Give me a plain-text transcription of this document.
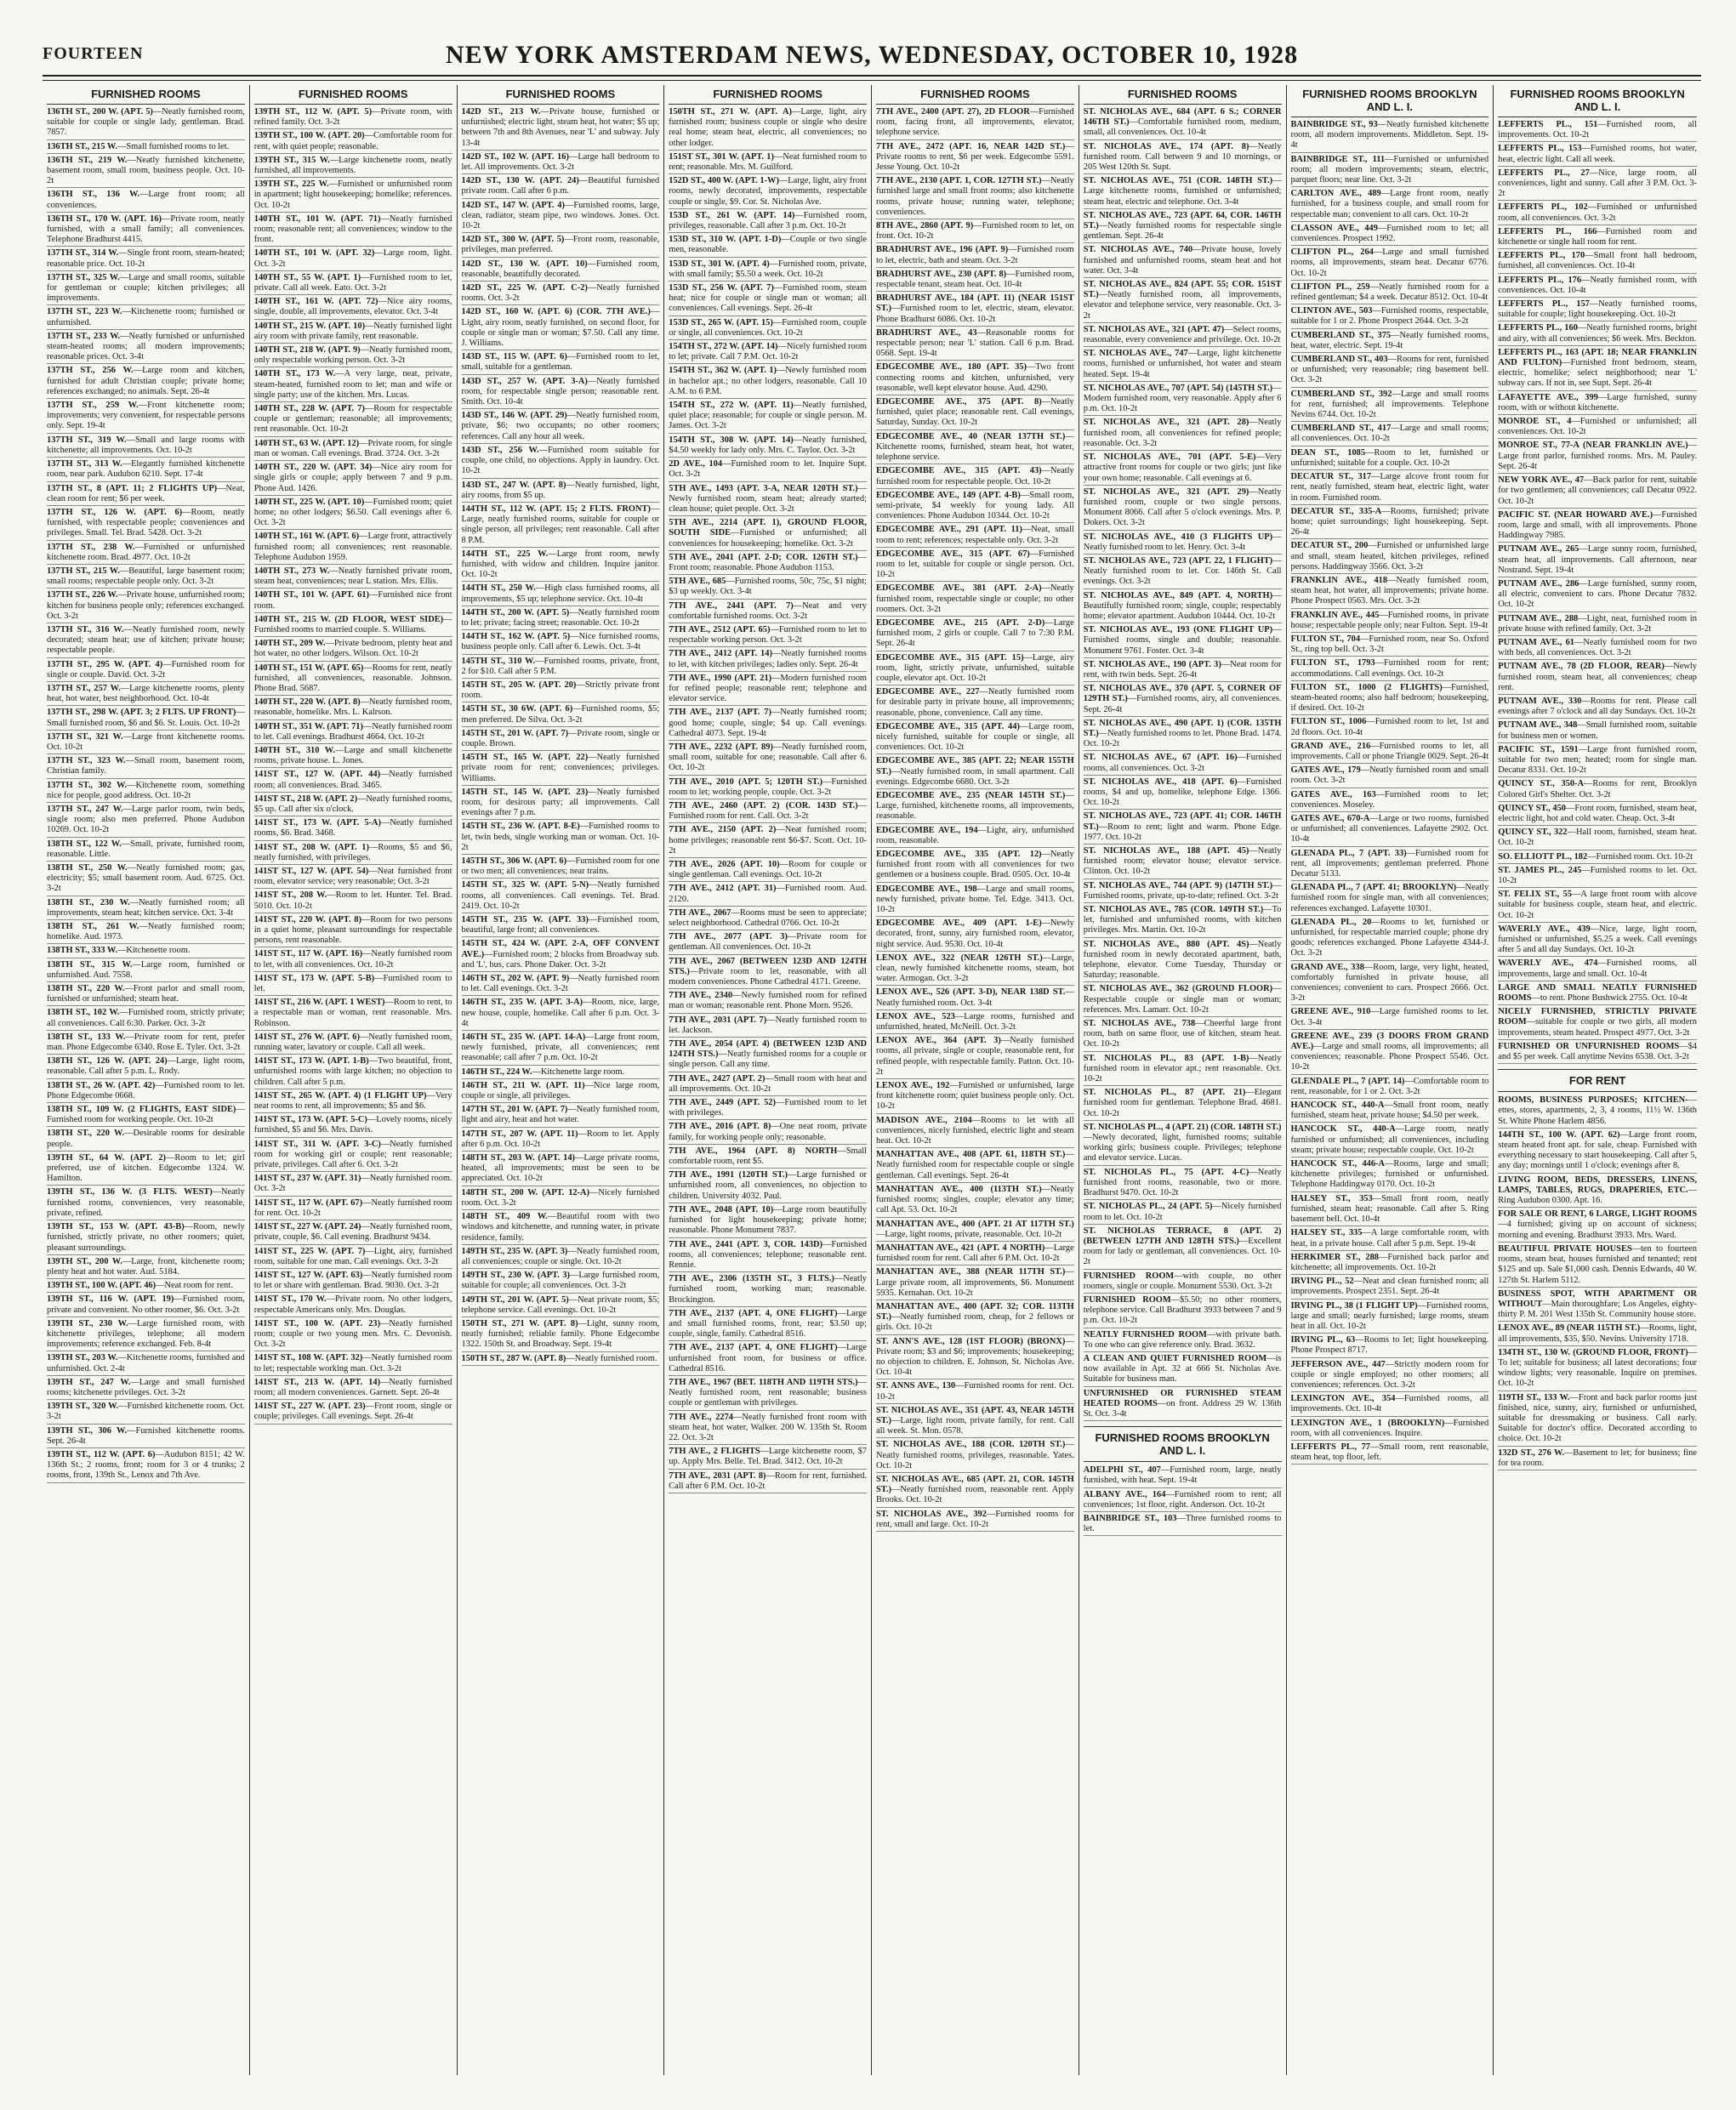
FOURTEEN	NEW YORK AMSTERDAM NEWS, WEDNESDAY, OCTOBER 10, 1928
FURNISHED ROOMS
136TH ST., 200 W. (APT. 5)—Neatly furnished room, suitable for couple or single lady, gentleman. Brad. 7857.
136TH ST., 215 W.—Small furnished rooms to let.
136TH ST., 219 W.—Neatly furnished kitchenette, basement room, small room, business people. Oct. 10-2t
136TH ST., 136 W.—Large front room; all conveniences.
136TH ST., 170 W. (APT. 16)—Private room, neatly furnished, with a small family; all conveniences. Telephone Bradhurst 4415.
137TH ST., 314 W.—Single front room, steam-heated; reasonable price. Oct. 10-2t
137TH ST., 325 W.—Large and small rooms, suitable for gentleman or couple; kitchen privileges; all improvements.
137TH ST., 223 W.—Kitchenette room; furnished or unfurnished.
137TH ST., 233 W.—Neatly furnished or unfurnished steam-heated rooms; all modern improvements; reasonable prices. Oct. 3-4t
137TH ST., 256 W.—Large room and kitchen, furnished for adult Christian couple; private home; references exchanged; no animals. Sept. 26-4t
137TH ST., 259 W.—Front kitchenette room; improvements; very convenient, for respectable persons only. Sept. 19-4t
137TH ST., 319 W.—Small and large rooms with kitchenette; all improvements. Oct. 10-2t
137TH ST., 313 W.—Elegantly furnished kitchenette room, near park. Audubon 6210. Sept. 17-4t
137TH ST., 8 (APT. 11; 2 FLIGHTS UP)—Neat, clean room for rent; $6 per week.
137TH ST., 126 W. (APT. 6)—Room, neatly furnished, with respectable people; conveniences and privileges. Small. Tel. Brad. 5428. Oct. 3-2t
137TH ST., 238 W.—Furnished or unfurnished kitchenette room. Brad. 4977. Oct. 10-2t
137TH ST., 215 W.—Beautiful, large basement room; small rooms; respectable people only. Oct. 3-2t
137TH ST., 226 W.—Private house, unfurnished room; kitchen for business people only; references exchanged. Oct. 3-2t
137TH ST., 316 W.—Neatly furnished room, newly decorated; steam heat; use of kitchen; private house; respectable people.
137TH ST., 295 W. (APT. 4)—Furnished room for single or couple. David. Oct. 3-2t
137TH ST., 257 W.—Large kitchenette rooms, plenty heat, hot water, best neighborhood. Oct. 10-4t
137TH ST., 298 W. (APT. 3; 2 FLTS. UP FRONT)—Small furnished room, $6 and $6. St. Louis. Oct. 10-2t
137TH ST., 321 W.—Large front kitchenette rooms. Oct. 10-2t
137TH ST., 323 W.—Small room, basement room, Christian family.
137TH ST., 302 W.—Kitchenette room, something nice for people, good address. Oct. 10-2t
137TH ST., 247 W.—Large parlor room, twin beds, single room; also men preferred. Phone Audubon 10269. Oct. 10-2t
138TH ST., 122 W.—Small, private, furnished room, reasonable. Little.
138TH ST., 250 W.—Neatly furnished room; gas, electricity; $5; small basement room. Aud. 6725. Oct. 3-2t
138TH ST., 230 W.—Neatly furnished room; all improvements, steam heat; kitchen service. Oct. 3-4t
138TH ST., 261 W.—Neatly furnished room; homelike. Aud. 1973.
138TH ST., 333 W.—Kitchenette room.
138TH ST., 315 W.—Large room, furnished or unfurnished. Aud. 7558.
138TH ST., 220 W.—Front parlor and small room, furnished or unfurnished; steam heat.
138TH ST., 102 W.—Furnished room, strictly private; all conveniences. Call 6:30. Parker. Oct. 3-2t
138TH ST., 133 W.—Private room for rent, prefer man. Phone Edgecombe 6340. Rose E. Tyler. Oct. 3-2t
138TH ST., 126 W. (APT. 24)—Large, light room, reasonable. Call after 5 p.m. L. Rody.
138TH ST., 26 W. (APT. 42)—Furnished room to let. Phone Edgecombe 0668.
138TH ST., 109 W. (2 FLIGHTS, EAST SIDE)—Furnished room for working people. Oct. 10-2t
138TH ST., 220 W.—Desirable rooms for desirable people.
139TH ST., 64 W. (APT. 2)—Room to let; girl preferred, use of kitchen. Edgecombe 1324. W. Hamilton.
139TH ST., 136 W. (3 FLTS. WEST)—Neatly furnished rooms, conveniences, very reasonable, private, refined.
139TH ST., 153 W. (APT. 43-B)—Room, newly furnished, strictly private, no other roomers; quiet, pleasant surroundings.
139TH ST., 200 W.—Large, front, kitchenette room; plenty heat and hot water. Aud. 5184.
139TH ST., 100 W. (APT. 46)—Neat room for rent.
139TH ST., 116 W. (APT. 19)—Furnished room, private and convenient. No other roomer, $6. Oct. 3-2t
139TH ST., 230 W.—Large furnished room, with kitchenette privileges, telephone; all modern improvements; reference exchanged. Feb. 8-4t
139TH ST., 203 W.—Kitchenette rooms, furnished and unfurnished. Oct. 2-4t
139TH ST., 247 W.—Large and small furnished rooms; kitchenette privileges. Oct. 3-2t
139TH ST., 320 W.—Furnished kitchenette room. Oct. 3-2t
139TH ST., 306 W.—Furnished kitchenette rooms. Sept. 26-4t
139TH ST., 112 W. (APT. 6)—Audubon 8151; 42 W. 136th St.; 2 rooms, front; room for 3 or 4 trunks; 2 rooms, front, 139th St., Lenox and 7th Ave.
FURNISHED ROOMS
139TH ST., 112 W. (APT. 5)—Private room, with refined family. Oct. 3-2t
139TH ST., 100 W. (APT. 20)—Comfortable room for rent, with quiet people; reasonable.
139TH ST., 315 W.—Large kitchenette room, neatly furnished, all improvements.
139TH ST., 225 W.—Furnished or unfurnished room in apartment; light housekeeping; homelike; references. Oct. 10-2t
140TH ST., 101 W. (APT. 71)—Neatly furnished room; reasonable rent; all conveniences; window to the front.
140TH ST., 101 W. (APT. 32)—Large room, light. Oct. 3-2t
140TH ST., 55 W. (APT. 1)—Furnished room to let, private. Call all week. Eato. Oct. 3-2t
140TH ST., 161 W. (APT. 72)—Nice airy rooms, single, double, all improvements, elevator. Oct. 3-4t
140TH ST., 215 W. (APT. 10)—Neatly furnished light airy room with private family, rent reasonable.
140TH ST., 218 W. (APT. 9)—Neatly furnished room, only respectable working person. Oct. 3-2t
140TH ST., 173 W.—A very large, neat, private, steam-heated, furnished room to let; man and wife or single party; use of the kitchen. Mrs. Lucas.
140TH ST., 228 W. (APT. 7)—Room for respectable couple or gentleman; reasonable; all improvements; rent reasonable. Oct. 10-2t
140TH ST., 63 W. (APT. 12)—Private room, for single man or woman. Call evenings. Brad. 3724. Oct. 3-2t
140TH ST., 220 W. (APT. 34)—Nice airy room for single girls or couple; apply between 7 and 9 p.m. Phone Aud. 1426.
140TH ST., 225 W. (APT. 10)—Furnished room; quiet home; no other lodgers; $6.50. Call evenings after 6. Oct. 3-2t
140TH ST., 161 W. (APT. 6)—Large front, attractively furnished room; all conveniences; rent reasonable. Telephone Audubon 1959.
140TH ST., 273 W.—Neatly furnished private room, steam heat, conveniences; near L station. Mrs. Ellis.
140TH ST., 101 W. (APT. 61)—Furnished nice front room.
140TH ST., 215 W. (2D FLOOR, WEST SIDE)—Furnished rooms to married couple. S. Williams.
140TH ST., 209 W.—Private bedroom, plenty heat and hot water, no other lodgers. Wilson. Oct. 10-2t
140TH ST., 151 W. (APT. 65)—Rooms for rent, neatly furnished, all conveniences, reasonable. Johnson. Phone Brad. 5687.
140TH ST., 220 W. (APT. 8)—Neatly furnished room, reasonable, homelike. Mrs. L. Kalrson.
140TH ST., 351 W. (APT. 71)—Neatly furnished room to let. Call evenings. Bradhurst 4664. Oct. 10-2t
140TH ST., 310 W.—Large and small kitchenette rooms, private house. L. Jones.
141ST ST., 127 W. (APT. 44)—Neatly furnished room; all conveniences. Brad. 3465.
141ST ST., 218 W. (APT. 2)—Neatly furnished rooms, $5 up. Call after six o'clock.
141ST ST., 173 W. (APT. 5-A)—Neatly furnished rooms, $6. Brad. 3468.
141ST ST., 208 W. (APT. 1)—Rooms, $5 and $6, neatly furnished, with privileges.
141ST ST., 127 W. (APT. 54)—Neat furnished front room, elevator service; very reasonable; Oct. 3-2t
141ST ST., 208 W.—Room to let. Hunter. Tel. Brad. 5010. Oct. 10-2t
141ST ST., 220 W. (APT. 8)—Room for two persons in a quiet home, pleasant surroundings for respectable persons, rent reasonable.
141ST ST., 117 W. (APT. 16)—Neatly furnished room to let, with all conveniences. Oct. 10-2t
141ST ST., 173 W. (APT. 5-B)—Furnished room to let.
141ST ST., 216 W. (APT. 1 WEST)—Room to rent, to a respectable man or woman, rent reasonable. Mrs. Robinson.
141ST ST., 276 W. (APT. 6)—Neatly furnished room, running water, lavatory or couple. Call all week.
141ST ST., 173 W. (APT. 1-B)—Two beautiful, front, unfurnished rooms with large kitchen; no objection to children. Call after 5 p.m.
141ST ST., 265 W. (APT. 4) (1 FLIGHT UP)—Very neat rooms to rent, all improvements; $5 and $6.
141ST ST., 173 W. (APT. 5-C)—Lovely rooms, nicely furnished, $5 and $6. Mrs. Davis.
141ST ST., 311 W. (APT. 3-C)—Neatly furnished room for working girl or couple; rent reasonable; private, privileges. Call after 6. Oct. 3-2t
141ST ST., 237 W. (APT. 31)—Neatly furnished room. Oct. 3-2t
141ST ST., 117 W. (APT. 67)—Neatly furnished room for rent. Oct. 10-2t
141ST ST., 227 W. (APT. 24)—Neatly furnished room, private, couple, $6. Call evening. Bradhurst 9434.
141ST ST., 225 W. (APT. 7)—Light, airy, furnished room, suitable for one man. Call evenings. Oct. 3-2t
141ST ST., 127 W. (APT. 63)—Neatly furnished room to let or share with gentleman. Brad. 9030. Oct. 3-2t
141ST ST., 170 W.—Private room. No other lodgers, respectable Americans only. Mrs. Douglas.
141ST ST., 100 W. (APT. 23)—Neatly furnished room; couple or two young men. Mrs. C. Devonish. Oct. 3-2t
141ST ST., 108 W. (APT. 32)—Neatly furnished room to let; respectable working man. Oct. 3-2t
141ST ST., 213 W. (APT. 14)—Neatly furnished room; all modern conveniences. Garnett. Sept. 26-4t
141ST ST., 227 W. (APT. 23)—Front room, single or couple; privileges. Call evenings. Sept. 26-4t
FURNISHED ROOMS
142D ST., 213 W.—Private house, furnished or unfurnished; electric light, steam heat, hot water; $5 up; between 7th and 8th Avenues, near 'L' and subway. July 13-4t
142D ST., 102 W. (APT. 16)—Large hall bedroom to let. All improvements. Oct. 3-2t
142D ST., 130 W. (APT. 24)—Beautiful furnished private room. Call after 6 p.m.
142D ST., 147 W. (APT. 4)—Furnished rooms, large, clean, radiator, steam pipe, two windows. Jones. Oct. 10-2t
142D ST., 300 W. (APT. 5)—Front room, reasonable, privileges, man preferred.
142D ST., 130 W. (APT. 10)—Furnished room, reasonable, beautifully decorated.
142D ST., 225 W. (APT. C-2)—Neatly furnished rooms. Oct. 3-2t
142D ST., 160 W. (APT. 6) (COR. 7TH AVE.)—Light, airy room, neatly furnished, on second floor, for couple or single man or woman; $7.50. Call any time. J. Williams.
143D ST., 115 W. (APT. 6)—Furnished room to let, small, suitable for a gentleman.
143D ST., 257 W. (APT. 3-A)—Neatly furnished room, for respectable single person; reasonable rent. Smith. Oct. 10-4t
143D ST., 146 W. (APT. 29)—Neatly furnished room, private, $6; two occupants; no other roomers; references. Call any hour all week.
143D ST., 256 W.—Furnished room suitable for couple, one child, no objections. Apply in laundry. Oct. 10-2t
143D ST., 247 W. (APT. 8)—Neatly furnished, light, airy rooms, from $5 up.
144TH ST., 112 W. (APT. 15; 2 FLTS. FRONT)—Large, neatly furnished rooms, suitable for couple or single person, all privileges; rent reasonable. Call after 8 P.M.
144TH ST., 225 W.—Large front room, newly furnished, with widow and children. Inquire janitor. Oct. 10-2t
144TH ST., 250 W.—High class furnished rooms, all improvements, $5 up; telephone service. Oct. 10-4t
144TH ST., 200 W. (APT. 5)—Neatly furnished room to let; private; facing street; reasonable. Oct. 10-2t
144TH ST., 162 W. (APT. 5)—Nice furnished rooms, business people only. Call after 6. Lewis. Oct. 3-4t
145TH ST., 310 W.—Furnished rooms, private, front, 2 for $10. Call after 5 P.M.
145TH ST., 205 W. (APT. 20)—Strictly private front room.
145TH ST., 30 6W. (APT. 6)—Furnished rooms, $5; men preferred. De Silva. Oct. 3-2t
145TH ST., 201 W. (APT. 7)—Private room, single or couple. Brown.
145TH ST., 165 W. (APT. 22)—Neatly furnished private room for rent; conveniences; privileges. Williams.
145TH ST., 145 W. (APT. 23)—Neatly furnished room, for desirous party; all improvements. Call evenings after 7 p.m.
145TH ST., 236 W. (APT. 8-E)—Furnished rooms to let, twin beds, single working man or woman. Oct. 10-2t
145TH ST., 306 W. (APT. 6)—Furnished room for one or two men; all conveniences; near trains.
145TH ST., 325 W. (APT. 5-N)—Neatly furnished rooms, all conveniences. Call evenings. Tel. Brad. 2419. Oct. 10-2t
145TH ST., 235 W. (APT. 33)—Furnished room, beautiful, large front; all conveniences.
145TH ST., 424 W. (APT. 2-A, OFF CONVENT AVE.)—Furnished room; 2 blocks from Broadway sub. and 'L', bus, cars. Phone Daker. Oct. 3-2t
146TH ST., 202 W. (APT. 9)—Neatly furnished room to let. Call evenings. Oct. 3-2t
146TH ST., 235 W. (APT. 3-A)—Room, nice, large, new house, couple, homelike. Call after 6 p.m. Oct. 3-4t
146TH ST., 235 W. (APT. 14-A)—Large front room, newly furnished, private, all conveniences; rent reasonable; call after 7 p.m. Oct. 10-2t
146TH ST., 224 W.—Kitchenette large room.
146TH ST., 211 W. (APT. 11)—Nice large room, couple or single, all privileges.
147TH ST., 201 W. (APT. 7)—Neatly furnished room, light and airy, heat and hot water.
147TH ST., 207 W. (APT. 11)—Room to let. Apply after 6 p.m. Oct. 10-2t
148TH ST., 203 W. (APT. 14)—Large private rooms, heated, all improvements; must be seen to be appreciated. Oct. 10-2t
148TH ST., 200 W. (APT. 12-A)—Nicely furnished room. Oct. 3-2t
148TH ST., 409 W.—Beautiful room with two windows and kitchenette, and running water, in private residence, family.
149TH ST., 235 W. (APT. 3)—Neatly furnished room, all conveniences; couple or single. Oct. 10-2t
149TH ST., 230 W. (APT. 3)—Large furnished room, suitable for couple; all conveniences. Oct. 3-2t
149TH ST., 201 W. (APT. 5)—Neat private room, $5; telephone service. Call evenings. Oct. 10-2t
150TH ST., 271 W. (APT. 8)—Light, sunny room, neatly furnished; reliable family. Phone Edgecombe 1322. 150th St. and Broadway. Sept. 19-4t
150TH ST., 287 W. (APT. 8)—Neatly furnished room.
FURNISHED ROOMS
150TH ST., 271 W. (APT. A)—Large, light, airy furnished room; business couple or single who desire real home; steam heat, electric, all conveniences; no other lodger.
151ST ST., 301 W. (APT. 1)—Neat furnished room to rent; reasonable. Mrs. M. Guilford.
152D ST., 400 W. (APT. 1-W)—Large, light, airy front rooms, newly decorated, improvements, respectable couple or single, $9. Cor. St. Nicholas Ave.
153D ST., 261 W. (APT. 14)—Furnished room, privileges, reasonable. Call after 3 p.m. Oct. 10-2t
153D ST., 310 W. (APT. 1-D)—Couple or two single men, reasonable.
153D ST., 301 W. (APT. 4)—Furnished room, private, with small family; $5.50 a week. Oct. 10-2t
153D ST., 256 W. (APT. 7)—Furnished room, steam heat; nice for couple or single man or woman; all conveniences. Call evenings. Sept. 26-4t
153D ST., 265 W. (APT. 15)—Furnished room, couple or single, all conveniences. Oct. 10-2t
154TH ST., 272 W. (APT. 14)—Nicely furnished room to let; private. Call 7 P.M. Oct. 10-2t
154TH ST., 362 W. (APT. 1)—Newly furnished room in bachelor apt.; no other lodgers, reasonable. Call 10 A.M. to 6 P.M.
154TH ST., 272 W. (APT. 11)—Neatly furnished, quiet place; reasonable; for couple or single person. M. James. Oct. 3-2t
154TH ST., 308 W. (APT. 14)—Neatly furnished, $4.50 weekly for lady only. Mrs. C. Taylor. Oct. 3-2t
2D AVE., 104—Furnished room to let. Inquire Supt. Oct. 3-2t
5TH AVE., 1493 (APT. 3-A, NEAR 120TH ST.)—Newly furnished room, steam heat; already started; clean house; quiet people. Oct. 3-2t
5TH AVE., 2214 (APT. 1), GROUND FLOOR, SOUTH SIDE—Furnished or unfurnished; all conveniences for housekeeping; homelike. Oct. 3-2t
5TH AVE., 2041 (APT. 2-D; COR. 126TH ST.)—Front room; reasonable. Phone Audubon 1153.
5TH AVE., 685—Furnished rooms, 50c, 75c, $1 night; $3 up weekly. Oct. 3-4t
7TH AVE., 2441 (APT. 7)—Neat and very comfortable furnished rooms. Oct. 3-2t
7TH AVE., 2512 (APT. 65)—Furnished room to let to respectable working person. Oct. 3-2t
7TH AVE., 2412 (APT. 14)—Neatly furnished rooms to let, with kitchen privileges; ladies only. Sept. 26-4t
7TH AVE., 1990 (APT. 21)—Modern furnished room for refined people; reasonable rent; telephone and elevator service.
7TH AVE., 2137 (APT. 7)—Neatly furnished room; good home; couple, single; $4 up. Call evenings. Cathedral 4073. Sept. 19-4t
7TH AVE., 2232 (APT. 89)—Neatly furnished room, small room, suitable for one; reasonable. Call after 6. Oct. 10-2t
7TH AVE., 2010 (APT. 5; 120TH ST.)—Furnished room to let; working people, couple. Oct. 3-2t
7TH AVE., 2460 (APT. 2) (COR. 143D ST.)—Furnished room for rent. Call. Oct. 3-2t
7TH AVE., 2150 (APT. 2)—Neat furnished room; home privileges; reasonable rent $6-$7. Scott. Oct. 10-2t
7TH AVE., 2026 (APT. 10)—Room for couple or single gentleman. Call evenings. Oct. 10-2t
7TH AVE., 2412 (APT. 31)—Furnished room. Aud. 2120.
7TH AVE., 2067—Rooms must be seen to appreciate; select neighborhood. Cathedral 0766. Oct. 10-2t
7TH AVE., 2077 (APT. 3)—Private room for gentleman. All conveniences. Oct. 10-2t
7TH AVE., 2067 (BETWEEN 123D AND 124TH STS.)—Private room to let, reasonable, with all modern conveniences. Phone Cathedral 4171. Greene.
7TH AVE., 2340—Newly furnished room for refined man or woman; reasonable rent. Phone Morn. 9526.
7TH AVE., 2031 (APT. 7)—Neatly furnished room to let. Jackson.
7TH AVE., 2054 (APT. 4) (BETWEEN 123D AND 124TH STS.)—Neatly furnished rooms for a couple or single person. Call any time.
7TH AVE., 2427 (APT. 2)—Small room with heat and all improvements. Oct. 10-2t
7TH AVE., 2449 (APT. 52)—Furnished room to let with privileges.
7TH AVE., 2016 (APT. 8)—One neat room, private family, for working people only; reasonable.
7TH AVE., 1964 (APT. 8) NORTH—Small comfortable room, rent $5.
7TH AVE., 1991 (120TH ST.)—Large furnished or unfurnished room, all conveniences, no objection to children. University 4032. Paul.
7TH AVE., 2048 (APT. 10)—Large room beautifully furnished for light housekeeping; private home; reasonable. Phone Monument 7837.
7TH AVE., 2441 (APT. 3, COR. 143D)—Furnished rooms, all conveniences; telephone; reasonable rent. Rennie.
7TH AVE., 2306 (135TH ST., 3 FLTS.)—Neatly furnished room, working man; reasonable. Brockington.
7TH AVE., 2137 (APT. 4, ONE FLIGHT)—Large and small furnished rooms, front, rear; $3.50 up; couple, single, family. Cathedral 8516.
7TH AVE., 2137 (APT. 4, ONE FLIGHT)—Large unfurnished front room, for business or office. Cathedral 8516.
7TH AVE., 1967 (BET. 118TH AND 119TH STS.)—Neatly furnished room, rent reasonable; business couple or gentleman with privileges.
7TH AVE., 2274—Neatly furnished front room with steam heat, hot water, Walker. 200 W. 135th St. Room 22. Oct. 3-2t
7TH AVE., 2 FLIGHTS—Large kitchenette room, $7 up. Apply Mrs. Belle. Tel. Brad. 3412. Oct. 10-2t
7TH AVE., 2031 (APT. 8)—Room for rent, furnished. Call after 6 P.M. Oct. 10-2t
FURNISHED ROOMS
7TH AVE., 2400 (APT. 27), 2D FLOOR—Furnished room, facing front, all improvements, elevator, telephone service.
7TH AVE., 2472 (APT. 16, NEAR 142D ST.)—Private rooms to rent, $6 per week. Edgecombe 5591. Jesse Young. Oct. 10-2t
7TH AVE., 2130 (APT. 1, COR. 127TH ST.)—Neatly furnished large and small front rooms; also kitchenette rooms, private house; running water, telephone; conveniences.
8TH AVE., 2860 (APT. 9)—Furnished room to let, on front. Oct. 10-2t
BRADHURST AVE., 196 (APT. 9)—Furnished room to let, electric, bath and steam. Oct. 3-2t
BRADHURST AVE., 230 (APT. 8)—Furnished room, respectable tenant, steam heat. Oct. 10-4t
BRADHURST AVE., 184 (APT. 11) (NEAR 151ST ST.)—Furnished room to let, electric, steam, elevator. Phone Bradhurst 6086. Oct. 10-2t
BRADHURST AVE., 43—Reasonable rooms for respectable person; near 'L' station. Call 6 p.m. Brad. 0568. Sept. 19-4t
EDGECOMBE AVE., 180 (APT. 35)—Two front connecting rooms and kitchen, unfurnished, very reasonable, well kept elevator house. Aud. 4290.
EDGECOMBE AVE., 375 (APT. 8)—Neatly furnished, quiet place; reasonable rent. Call evenings, Saturday, Sunday. Oct. 10-2t
EDGECOMBE AVE., 40 (NEAR 137TH ST.)—Kitchenette rooms, furnished, steam heat, hot water, telephone service.
EDGECOMBE AVE., 315 (APT. 43)—Neatly furnished room for respectable people. Oct. 10-2t
EDGECOMBE AVE., 149 (APT. 4-B)—Small room, semi-private, $4 weekly for young lady. All conveniences. Phone Audubon 10344. Oct. 10-2t
EDGECOMBE AVE., 291 (APT. 11)—Neat, small room to rent; references; respectable only. Oct. 3-2t
EDGECOMBE AVE., 315 (APT. 67)—Furnished room to let, suitable for couple or single person. Oct. 10-2t
EDGECOMBE AVE., 381 (APT. 2-A)—Neatly furnished room, respectable single or couple; no other roomers. Oct. 3-2t
EDGECOMBE AVE., 215 (APT. 2-D)—Large furnished room, 2 girls or couple. Call 7 to 7:30 P.M. Sept. 26-4t
EDGECOMBE AVE., 315 (APT. 15)—Large, airy room, light, strictly private, unfurnished, suitable couple, elevator apt. Oct. 10-2t
EDGECOMBE AVE., 227—Neatly furnished room for desirable party in private house, all improvements; reasonable, phone, convenience. Call any time.
EDGECOMBE AVE., 315 (APT. 44)—Large room, nicely furnished, suitable for couple or single, all conveniences. Oct. 10-2t
EDGECOMBE AVE., 385 (APT. 22; NEAR 155TH ST.)—Neatly furnished room, in small apartment. Call evenings. Edgecombe 6680. Oct. 3-2t
EDGECOMBE AVE., 235 (NEAR 145TH ST.)—Large, furnished, kitchenette rooms, all improvements, reasonable.
EDGECOMBE AVE., 194—Light, airy, unfurnished room, reasonable.
EDGECOMBE AVE., 335 (APT. 12)—Neatly furnished front room with all conveniences for two gentlemen or a business couple. Brad. 0505. Oct. 10-4t
EDGECOMBE AVE., 198—Large and small rooms, newly furnished, private home. Tel. Edge. 3413. Oct. 10-2t
EDGECOMBE AVE., 409 (APT. 1-E)—Newly decorated, front, sunny, airy furnished room, elevator, night service. Aud. 9530. Oct. 10-4t
LENOX AVE., 322 (NEAR 126TH ST.)—Large, clean, newly furnished kitchenette rooms, steam, hot water. Armogan. Oct. 3-2t
LENOX AVE., 526 (APT. 3-D), NEAR 138D ST.—Neatly furnished room. Oct. 3-4t
LENOX AVE., 523—Large rooms, furnished and unfurnished, heated, McNeill. Oct. 3-2t
LENOX AVE., 364 (APT. 3)—Neatly furnished rooms, all private, single or couple, reasonable rent, for refined people, with respectable family. Patton. Oct. 10-2t
LENOX AVE., 192—Furnished or unfurnished, large front kitchenette room; quiet business people only. Oct. 10-2t
MADISON AVE., 2104—Rooms to let with all conveniences, nicely furnished, electric light and steam heat. Oct. 10-2t
MANHATTAN AVE., 408 (APT. 61, 118TH ST.)—Neatly furnished room for respectable couple or single gentleman. Call evenings. Sept. 26-4t
MANHATTAN AVE., 400 (113TH ST.)—Neatly furnished rooms; singles, couple; elevator any time; call Apt. 53. Oct. 10-2t
MANHATTAN AVE., 400 (APT. 21 AT 117TH ST.)—Large, light rooms, private, reasonable. Oct. 10-2t
MANHATTAN AVE., 421 (APT. 4 NORTH)—Large furnished room for rent. Call after 6 P.M. Oct. 10-2t
MANHATTAN AVE., 388 (NEAR 117TH ST.)—Large private room, all improvements, $6. Monument 5935. Kernahan. Oct. 10-2t
MANHATTAN AVE., 400 (APT. 32; COR. 113TH ST.)—Neatly furnished room, cheap, for 2 fellows or girls. Oct. 10-2t
ST. ANN'S AVE., 128 (1ST FLOOR) (BRONX)—Private room; $3 and $6; improvements; housekeeping; no objection to children. E. Johnson, St. Nicholas Ave. Oct. 10-4t
ST. ANNS AVE., 130—Furnished rooms for rent. Oct. 10-2t
ST. NICHOLAS AVE., 351 (APT. 43, NEAR 145TH ST.)—Large, light room, private family, for rent. Call all week. St. Mon. 0578.
ST. NICHOLAS AVE., 188 (COR. 120TH ST.)—Neatly furnished rooms, privileges, reasonable. Yates. Oct. 10-2t
ST. NICHOLAS AVE., 685 (APT. 21, COR. 145TH ST.)—Neatly furnished room, reasonable rent. Apply Brooks. Oct. 10-2t
ST. NICHOLAS AVE., 392—Furnished rooms for rent, small and large. Oct. 10-2t
FURNISHED ROOMS
ST. NICHOLAS AVE., 684 (APT. 6 S.; CORNER 146TH ST.)—Comfortable furnished room, medium, small, all conveniences. Oct. 10-4t
ST. NICHOLAS AVE., 174 (APT. 8)—Neatly furnished room. Call between 9 and 10 mornings, or 205 West 120th St. Supt.
ST. NICHOLAS AVE., 751 (COR. 148TH ST.)—Large kitchenette rooms, furnished or unfurnished; steam heat, electric and telephone. Oct. 3-4t
ST. NICHOLAS AVE., 723 (APT. 64, COR. 146TH ST.)—Neatly furnished rooms for respectable single gentleman. Sept. 26-4t
ST. NICHOLAS AVE., 740—Private house, lovely furnished and unfurnished rooms, steam heat and hot water. Oct. 3-4t
ST. NICHOLAS AVE., 824 (APT. 55; COR. 151ST ST.)—Neatly furnished room, all improvements, elevator and telephone service, very reasonable. Oct. 3-2t
ST. NICHOLAS AVE., 321 (APT. 47)—Select rooms, reasonable, every convenience and privilege. Oct. 10-2t
ST. NICHOLAS AVE., 747—Large, light kitchenette rooms, furnished or unfurnished, hot water and steam heated. Sept. 19-4t
ST. NICHOLAS AVE., 707 (APT. 54) (145TH ST.)—Modern furnished room, very reasonable. Apply after 6 p.m. Oct. 10-2t
ST. NICHOLAS AVE., 321 (APT. 28)—Neatly furnished room, all conveniences for refined people; reasonable. Oct. 3-2t
ST. NICHOLAS AVE., 701 (APT. 5-E)—Very attractive front rooms for couple or two girls; just like your own home; reasonable. Call evenings at 6.
ST. NICHOLAS AVE., 321 (APT. 29)—Neatly furnished room, couple or two single persons. Monument 8066. Call after 5 o'clock evenings. Mrs. P. Dokers. Oct. 3-2t
ST. NICHOLAS AVE., 410 (3 FLIGHTS UP)—Neatly furnished room to let. Henry. Oct. 3-4t
ST. NICHOLAS AVE., 723 (APT. 22, 1 FLIGHT)—Neatly furnished room to let. Cor. 146th St. Call evenings. Oct. 3-2t
ST. NICHOLAS AVE., 849 (APT. 4, NORTH)—Beautifully furnished room; single, couple; respectably home; elevator apartment. Audubon 10444. Oct. 10-2t
ST. NICHOLAS AVE., 193 (ONE FLIGHT UP)—Furnished rooms, single and double; reasonable. Monument 9761. Foster. Oct. 3-4t
ST. NICHOLAS AVE., 190 (APT. 3)—Neat room for rent, with twin beds. Sept. 26-4t
ST. NICHOLAS AVE., 370 (APT. 5, CORNER OF 129TH ST.)—Furnished rooms, airy, all conveniences. Sept. 26-4t
ST. NICHOLAS AVE., 490 (APT. 1) (COR. 135TH ST.)—Neatly furnished rooms to let. Phone Brad. 1474. Oct. 10-2t
ST. NICHOLAS AVE., 67 (APT. 16)—Furnished rooms, all conveniences. Oct. 3-2t
ST. NICHOLAS AVE., 418 (APT. 6)—Furnished rooms, $4 and up, homelike, telephone Edge. 1366. Oct. 10-2t
ST. NICHOLAS AVE., 723 (APT. 41; COR. 146TH ST.)—Room to rent; light and warm. Phone Edge. 1977. Oct. 10-2t
ST. NICHOLAS AVE., 188 (APT. 45)—Neatly furnished room; elevator house; elevator service. Clinton. Oct. 10-2t
ST. NICHOLAS AVE., 744 (APT. 9) (147TH ST.)—Furnished rooms, private, up-to-date; refined. Oct. 3-2t
ST. NICHOLAS AVE., 785 (COR. 149TH ST.)—To let, furnished and unfurnished rooms, with kitchen privileges. Mrs. Martin. Oct. 10-2t
ST. NICHOLAS AVE., 880 (APT. 4S)—Neatly furnished room in newly decorated apartment, bath, telephone, elevator. Come Tuesday, Thursday or Saturday; reasonable.
ST. NICHOLAS AVE., 362 (GROUND FLOOR)—Respectable couple or single man or woman; references. Mrs. Lamarr. Oct. 10-2t
ST. NICHOLAS AVE., 738—Cheerful large front room, bath on same floor, use of kitchen, steam heat. Oct. 10-2t
ST. NICHOLAS PL., 83 (APT. 1-B)—Neatly furnished room in elevator apt.; rent reasonable. Oct. 10-2t
ST. NICHOLAS PL., 87 (APT. 21)—Elegant furnished room for gentleman. Telephone Brad. 4681. Oct. 10-2t
ST. NICHOLAS PL., 4 (APT. 21) (COR. 148TH ST.)—Newly decorated, light, furnished rooms; suitable working girls; business couple. Privileges; telephone and elevator service. Lucas.
ST. NICHOLAS PL., 75 (APT. 4-C)—Neatly furnished front rooms, reasonable, two or more. Bradhurst 9470. Oct. 10-2t
ST. NICHOLAS PL., 24 (APT. 5)—Nicely furnished room to let. Oct. 10-2t
ST. NICHOLAS TERRACE, 8 (APT. 2) (BETWEEN 127TH AND 128TH STS.)—Excellent room for lady or gentleman, all conveniences. Oct. 10-2t
FURNISHED ROOM—with couple, no other roomers, single or couple. Monument 5530. Oct. 3-2t
FURNISHED ROOM—$5.50; no other roomers, telephone service. Call Bradhurst 3933 between 7 and 9 p.m. Oct. 10-2t
NEATLY FURNISHED ROOM—with private bath. To one who can give reference only. Brad. 3632.
A CLEAN AND QUIET FURNISHED ROOM—is now available in Apt. 32 at 666 St. Nicholas Ave. Suitable for business man.
UNFURNISHED OR FURNISHED STEAM HEATED ROOMS—on front. Address 29 W. 136th St. Oct. 3-4t
FURNISHED ROOMS BROOKLYN AND L. I.
ADELPHI ST., 407—Furnished room, large, neatly furnished, with heat. Sept. 19-4t
ALBANY AVE., 164—Furnished room to rent; all conveniences; 1st floor, right. Anderson. Oct. 10-2t
BAINBRIDGE ST., 103—Three furnished rooms to let.
FURNISHED ROOMS BROOKLYN AND L. I.
BAINBRIDGE ST., 93—Neatly furnished kitchenette room, all modern improvements. Middleton. Sept. 19-4t
BAINBRIDGE ST., 111—Furnished or unfurnished room; all modern improvements; steam, electric, parquet floors; near line. Oct. 3-2t
CARLTON AVE., 489—Large front room, neatly furnished, for a business couple, and small room for respectable man; convenient to all cars. Oct. 10-2t
CLASSON AVE., 449—Furnished room to let; all conveniences. Prospect 1992.
CLIFTON PL., 264—Large and small furnished rooms, all improvements, steam heat. Decatur 6776. Oct. 10-2t
CLIFTON PL., 259—Neatly furnished room for a refined gentleman; $4 a week. Decatur 8512. Oct. 10-4t
CLINTON AVE., 503—Furnished rooms, respectable, suitable for 1 or 2. Phone Prospect 2644. Oct. 3-2t
CUMBERLAND ST., 375—Neatly furnished rooms, heat, water, electric. Sept. 19-4t
CUMBERLAND ST., 403—Rooms for rent, furnished or unfurnished; very reasonable; ring basement bell. Oct. 3-2t
CUMBERLAND ST., 392—Large and small rooms for rent, furnished; all improvements. Telephone Nevins 6744. Oct. 10-2t
CUMBERLAND ST., 417—Large and small rooms; all conveniences. Oct. 10-2t
DEAN ST., 1085—Room to let, furnished or unfurnished; suitable for a couple. Oct. 10-2t
DECATUR ST., 317—Large alcove front room for rent, neatly furnished, steam heat, electric light, water in room. Furnished room.
DECATUR ST., 335-A—Rooms, furnished; private home; quiet surroundings; light housekeeping. Sept. 26-4t
DECATUR ST., 200—Furnished or unfurnished large and small, steam heated, kitchen privileges, refined persons. Haddingway 3566. Oct. 3-2t
FRANKLIN AVE., 418—Neatly furnished room, steam heat, hot water, all improvements; private home. Phone Prospect 0563. Mrs. Oct. 3-2t
FRANKLIN AVE., 445—Furnished rooms, in private house; respectable people only; near Fulton. Sept. 19-4t
FULTON ST., 704—Furnished room, near So. Oxford St., ring top bell. Oct. 3-2t
FULTON ST., 1793—Furnished room for rent; accommodations. Call evenings. Oct. 10-2t
FULTON ST., 1000 (2 FLIGHTS)—Furnished, steam-heated rooms; also half bedroom; housekeeping, if desired. Oct. 10-2t
FULTON ST., 1006—Furnished room to let, 1st and 2d floors. Oct. 10-4t
GRAND AVE., 216—Furnished rooms to let, all improvements. Call or phone Triangle 0029. Sept. 26-4t
GATES AVE., 179—Neatly furnished room and small room. Oct. 3-2t
GATES AVE., 163—Furnished room to let; conveniences. Moseley.
GATES AVE., 670-A—Large or two rooms, furnished or unfurnished; all conveniences. Lafayette 2902. Oct. 10-4t
GLENADA PL., 7 (APT. 33)—Furnished room for rent, all improvements; gentleman preferred. Phone Decatur 5133.
GLENADA PL., 7 (APT. 41; BROOKLYN)—Neatly furnished room for single man, with all conveniences; references exchanged. Lafayette 10301.
GLENADA PL., 20—Rooms to let, furnished or unfurnished, for respectable married couple; phone dry goods; references exchanged. Phone Lafayette 4344-J. Oct. 3-2t
GRAND AVE., 338—Room, large, very light, heated, comfortably furnished in private house, all conveniences; convenient to cars. Prospect 2666. Oct. 3-2t
GREENE AVE., 910—Large furnished rooms to let. Oct. 3-4t
GREENE AVE., 239 (3 DOORS FROM GRAND AVE.)—Large and small rooms, all improvements; all conveniences; reasonable. Phone Prospect 5546. Oct. 10-2t
GLENDALE PL., 7 (APT. 14)—Comfortable room to rent, reasonable, for 1 or 2. Oct. 3-2t
HANCOCK ST., 440-A—Small front room, neatly furnished, steam heat, private house; $4.50 per week.
HANCOCK ST., 440-A—Large room, neatly furnished or unfurnished; all conveniences, including steam; private house; respectable couple. Oct. 10-2t
HANCOCK ST., 446-A—Rooms, large and small; kitchenette privileges; furnished or unfurnished. Telephone Haddingway 0170. Oct. 10-2t
HALSEY ST., 353—Small front room, neatly furnished, steam heat; reasonable. Call after 5. Ring basement bell. Oct. 10-4t
HALSEY ST., 335—A large comfortable room, with heat, in a private house. Call after 5 p.m. Sept. 19-4t
HERKIMER ST., 288—Furnished back parlor and kitchenette; all improvements. Oct. 10-2t
IRVING PL., 52—Neat and clean furnished room; all improvements. Prospect 2351. Sept. 26-4t
IRVING PL., 38 (1 FLIGHT UP)—Furnished rooms, large and small; nearly furnished; large rooms, steam heat in all. Oct. 10-2t
IRVING PL., 63—Rooms to let; light housekeeping. Phone Prospect 8717.
JEFFERSON AVE., 447—Strictly modern room for couple or single employed; no other roomers; all conveniences; references. Oct. 3-2t
LEXINGTON AVE., 354—Furnished rooms, all improvements. Oct. 10-4t
LEXINGTON AVE., 1 (BROOKLYN)—Furnished room, with all conveniences. Inquire.
LEFFERTS PL., 77—Small room, rent reasonable, steam heat, top floor, left.
FURNISHED ROOMS BROOKLYN AND L. I.
LEFFERTS PL., 151—Furnished room, all improvements. Oct. 10-2t
LEFFERTS PL., 153—Furnished rooms, hot water, heat, electric light. Call all week.
LEFFERTS PL., 27—Nice, large room, all conveniences, light and sunny. Call after 3 P.M. Oct. 3-2t
LEFFERTS PL., 102—Furnished or unfurnished room, all conveniences. Oct. 3-2t
LEFFERTS PL., 166—Furnished room and kitchenette or single hall room for rent.
LEFFERTS PL., 170—Small front hall bedroom, furnished, all conveniences. Oct. 10-4t
LEFFERTS PL., 176—Neatly furnished room, with conveniences. Oct. 10-4t
LEFFERTS PL., 157—Neatly furnished rooms, suitable for couple; light housekeeping. Oct. 10-2t
LEFFERTS PL., 160—Neatly furnished rooms, bright and airy, with all conveniences; $6 week. Mrs. Beckton.
LEFFERTS PL., 163 (APT. 18; NEAR FRANKLIN AND FULTON)—Furnished front bedroom, steam, electric, homelike; select neighborhood; near 'L' subway cars. If not in, see Supt. Sept. 26-4t
LAFAYETTE AVE., 399—Large furnished, sunny room, with or without kitchenette.
MONROE ST., 4—Furnished or unfurnished; all conveniences. Oct. 10-2t
MONROE ST., 77-A (NEAR FRANKLIN AVE.)—Large front parlor, furnished rooms. Mrs. M. Pauley. Sept. 26-4t
NEW YORK AVE., 47—Back parlor for rent, suitable for two gentlemen; all conveniences; call Decatur 0922. Oct. 10-2t
PACIFIC ST. (NEAR HOWARD AVE.)—Furnished room, large and small, with all improvements. Phone Haddingway 7985.
PUTNAM AVE., 265—Large sunny room, furnished, steam heat, all improvements. Call afternoon, near Nostrand. Sept. 19-4t
PUTNAM AVE., 286—Large furnished, sunny room, all electric, convenient to cars. Phone Decatur 7832. Oct. 10-2t
PUTNAM AVE., 288—Light, neat, furnished room in private house with refined family. Oct. 3-2t
PUTNAM AVE., 61—Neatly furnished room for two with beds, all conveniences. Oct. 3-2t
PUTNAM AVE., 78 (2D FLOOR, REAR)—Newly furnished room, steam heat, all conveniences; cheap rent.
PUTNAM AVE., 330—Rooms for rent. Please call evenings after 7 o'clock and all day Sundays. Oct. 10-2t
PUTNAM AVE., 348—Small furnished room, suitable for business men or women.
PACIFIC ST., 1591—Large front furnished room, suitable for two men; heated; room for single man. Decatur 8331. Oct. 10-2t
QUINCY ST., 350-A—Rooms for rent, Brooklyn Colored Girl's Shelter. Oct. 3-2t
QUINCY ST., 450—Front room, furnished, steam heat, electric light, hot and cold water. Cheap. Oct. 3-4t
QUINCY ST., 322—Hall room, furnished, steam heat. Oct. 10-2t
SO. ELLIOTT PL., 182—Furnished room. Oct. 10-2t
ST. JAMES PL., 245—Furnished rooms to let. Oct. 10-2t
ST. FELIX ST., 55—A large front room with alcove suitable for business couple, steam heat, and electric. Oct. 10-2t
WAVERLY AVE., 439—Nice, large, light room, furnished or unfurnished, $5.25 a week. Call evenings after 5 and all day Sundays. Oct. 10-2t
WAVERLY AVE., 474—Furnished rooms, all improvements, large and small. Oct. 10-4t
LARGE AND SMALL NEATLY FURNISHED ROOMS—to rent. Phone Bushwick 2755. Oct. 10-4t
NICELY FURNISHED, STRICTLY PRIVATE ROOM—suitable for couple or two girls, all modern improvements, steam heated. Prospect 4977. Oct. 3-2t
FURNISHED OR UNFURNISHED ROOMS—$4 and $5 per week. Call anytime Nevins 6538. Oct. 3-2t
FOR RENT
ROOMS, BUSINESS PURPOSES; KITCHEN-—ettes, stores, apartments, 2, 3, 4 rooms, 11½ W. 136th St. White Phone Harlem 4856.
144TH ST., 100 W. (APT. 62)—Large front room, steam heated front apt. for sale, cheap. Furnished with everything necessary to start housekeeping. Call after 5, any day; mornings until 1 o'clock; evenings after 8.
LIVING ROOM, BEDS, DRESSERS, LINENS, LAMPS, TABLES, RUGS, DRAPERIES, ETC.—Ring Audubon 0300. Apt. 16.
FOR SALE OR RENT, 6 LARGE, LIGHT ROOMS—4 furnished; giving up on account of sickness; morning and evening. Bradhurst 3933. Mrs. Ward.
BEAUTIFUL PRIVATE HOUSES—ten to fourteen rooms, steam heat, houses furnished and tenanted; rent $125 and up. Sale $1,000 cash. Dennis Edwards, 40 W. 127th St. Harlem 5112.
BUSINESS SPOT, WITH APARTMENT OR WITHOUT—Main thoroughfare; Los Angeles, eighty-thirty P. M. 201 West 135th St. Community house store.
LENOX AVE., 89 (NEAR 115TH ST.)—Rooms, light, all improvements, $35, $50. Nevins. University 1718.
134TH ST., 130 W. (GROUND FLOOR, FRONT)—To let; suitable for business; all latest decorations; four window lights; very reasonable. Inquire on premises. Oct. 10-2t
119TH ST., 133 W.—Front and back parlor rooms just finished, nice, sunny, airy, furnished or unfurnished, suitable for dressmaking or business. Call early. Suitable for doctor's office. Decorated according to choice. Oct. 10-2t
132D ST., 276 W.—Basement to let; for business; fine for tea room.
